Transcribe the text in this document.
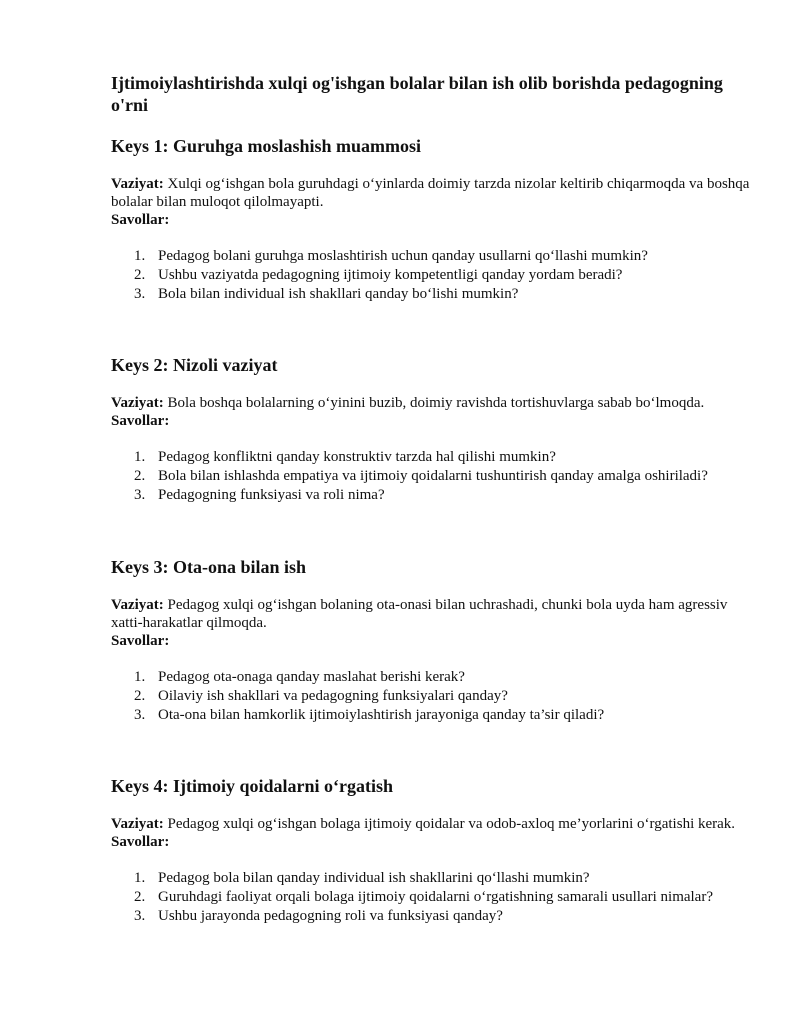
Ijtimoiylashtirishda xulqi og'ishgan bolalar bilan ish olib borishda pedagogning o'rni
Keys 1: Guruhga moslashish muammosi

Vaziyat: Xulqi og‘ishgan bola guruhdagi o‘yinlarda doimiy tarzda nizolar keltirib chiqarmoqda va boshqa bolalar bilan muloqot qilolmayapti.

Savollar:

1. Pedagog bolani guruhga moslashtirish uchun qanday usullarni qo‘llashi mumkin?
2. Ushbu vaziyatda pedagogning ijtimoiy kompetentligi qanday yordam beradi?
3. Bola bilan individual ish shakllari qanday bo‘lishi mumkin?
Keys 2: Nizoli vaziyat

Vaziyat: Bola boshqa bolalarning o‘yinini buzib, doimiy ravishda tortishuvlarga sabab bo‘lmoqda.

Savollar:

1. Pedagog konfliktni qanday konstruktiv tarzda hal qilishi mumkin?
2. Bola bilan ishlashda empatiya va ijtimoiy qoidalarni tushuntirish qanday amalga oshiriladi?
3. Pedagogning funksiyasi va roli nima?
Keys 3: Ota-ona bilan ish

Vaziyat: Pedagog xulqi og‘ishgan bolaning ota-onasi bilan uchrashadi, chunki bola uyda ham agressiv xatti-harakatlar qilmoqda.

Savollar:

1. Pedagog ota-onaga qanday maslahat berishi kerak?
2. Oilaviy ish shakllari va pedagogning funksiyalari qanday?
3. Ota-ona bilan hamkorlik ijtimoiylashtirish jarayoniga qanday ta’sir qiladi?
Keys 4: Ijtimoiy qoidalarni o‘rgatish

Vaziyat: Pedagog xulqi og‘ishgan bolaga ijtimoiy qoidalar va odob-axloq me’yorlarini o‘rgatishi kerak.

Savollar:

1. Pedagog bola bilan qanday individual ish shakllarini qo‘llashi mumkin?
2. Guruhdagi faoliyat orqali bolaga ijtimoiy qoidalarni o‘rgatishning samarali usullari nimalar?
3. Ushbu jarayonda pedagogning roli va funksiyasi qanday?
